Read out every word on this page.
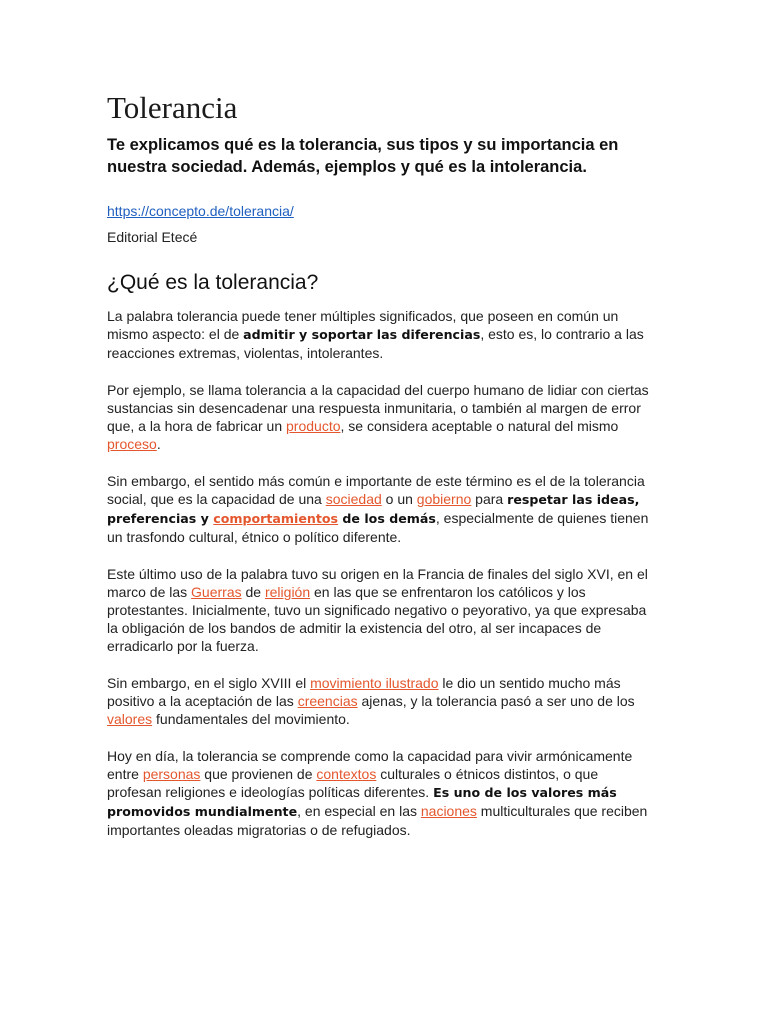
Tolerancia

Te explicamos qué es la tolerancia, sus tipos y su importancia en nuestra sociedad. Además, ejemplos y qué es la intolerancia.

https://concepto.de/tolerancia/
Editorial Etecé
¿Qué es la tolerancia?

La palabra tolerancia puede tener múltiples significados, que poseen en común un mismo aspecto: el de admitir y soportar las diferencias, esto es, lo contrario a las reacciones extremas, violentas, intolerantes.

Por ejemplo, se llama tolerancia a la capacidad del cuerpo humano de lidiar con ciertas sustancias sin desencadenar una respuesta inmunitaria, o también al margen de error que, a la hora de fabricar un producto, se considera aceptable o natural del mismo proceso.

Sin embargo, el sentido más común e importante de este término es el de la tolerancia social, que es la capacidad de una sociedad o un gobierno para respetar las ideas, preferencias y comportamientos de los demás, especialmente de quienes tienen un trasfondo cultural, étnico o político diferente.

Este último uso de la palabra tuvo su origen en la Francia de finales del siglo XVI, en el marco de las Guerras de religión en las que se enfrentaron los católicos y los protestantes. Inicialmente, tuvo un significado negativo o peyorativo, ya que expresaba la obligación de los bandos de admitir la existencia del otro, al ser incapaces de erradicarlo por la fuerza.

Sin embargo, en el siglo XVIII el movimiento ilustrado le dio un sentido mucho más positivo a la aceptación de las creencias ajenas, y la tolerancia pasó a ser uno de los valores fundamentales del movimiento.

Hoy en día, la tolerancia se comprende como la capacidad para vivir armónicamente entre personas que provienen de contextos culturales o étnicos distintos, o que profesan religiones e ideologías políticas diferentes. Es uno de los valores más promovidos mundialmente, en especial en las naciones multiculturales que reciben importantes oleadas migratorias o de refugiados.
